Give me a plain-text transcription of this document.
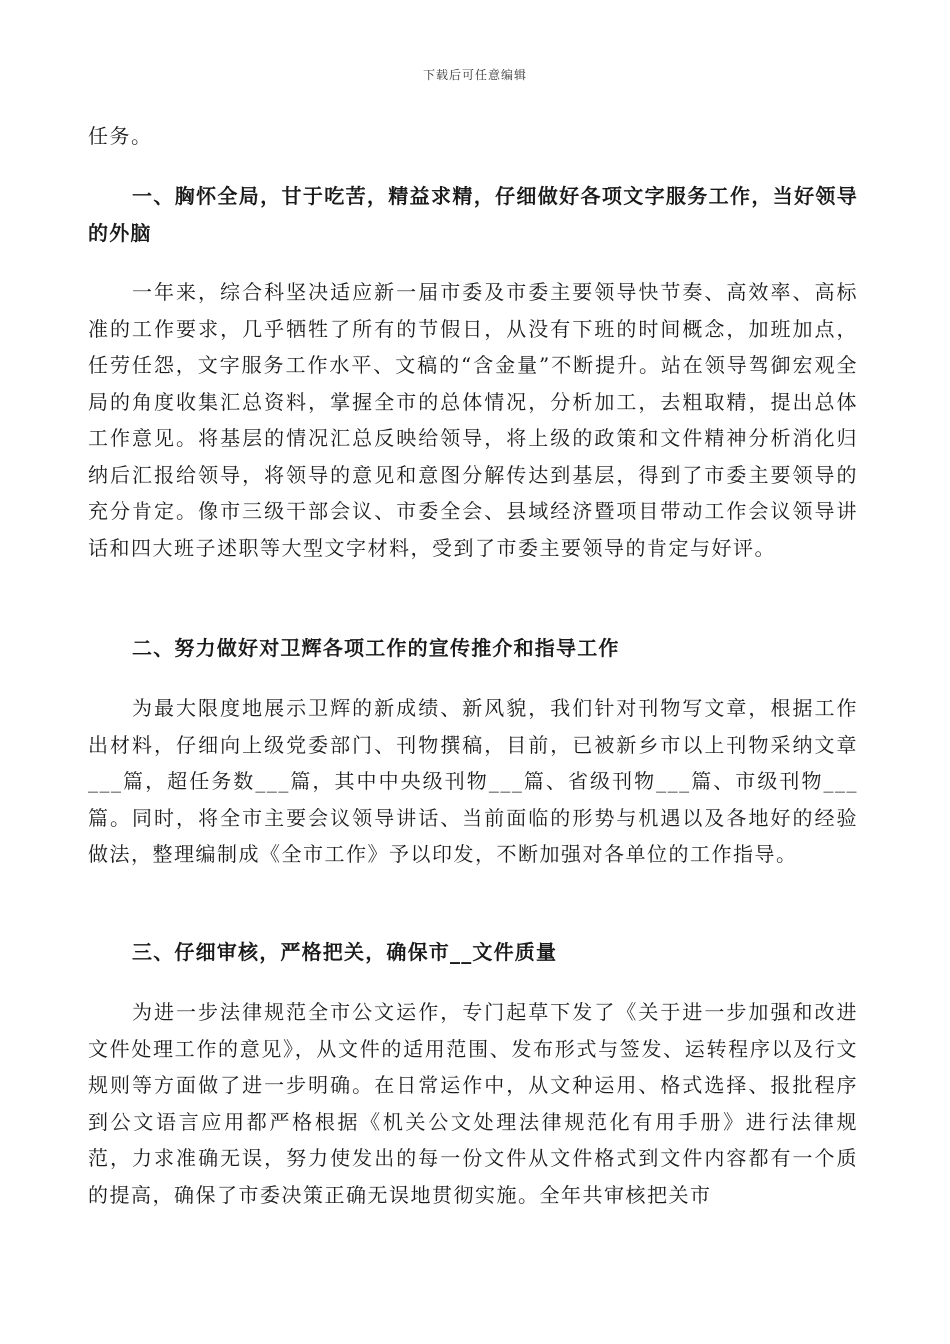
下载后可任意编辑

任务。

一、胸怀全局，甘于吃苦，精益求精，仔细做好各项文字服务工作，当好领导的外脑

一年来，综合科坚决适应新一届市委及市委主要领导快节奏、高效率、高标准的工作要求，几乎牺牲了所有的节假日，从没有下班的时间概念，加班加点，任劳任怨，文字服务工作水平、文稿的“含金量”不断提升。站在领导驾御宏观全局的角度收集汇总资料，掌握全市的总体情况，分析加工，去粗取精，提出总体工作意见。将基层的情况汇总反映给领导，将上级的政策和文件精神分析消化归纳后汇报给领导，将领导的意见和意图分解传达到基层，得到了市委主要领导的充分肯定。像市三级干部会议、市委全会、县域经济暨项目带动工作会议领导讲话和四大班子述职等大型文字材料，受到了市委主要领导的肯定与好评。

二、努力做好对卫辉各项工作的宣传推介和指导工作

为最大限度地展示卫辉的新成绩、新风貌，我们针对刊物写文章，根据工作出材料，仔细向上级党委部门、刊物撰稿，目前，已被新乡市以上刊物采纳文章___篇，超任务数___篇，其中中央级刊物___篇、省级刊物___篇、市级刊物___篇。同时，将全市主要会议领导讲话、当前面临的形势与机遇以及各地好的经验做法，整理编制成《全市工作》予以印发，不断加强对各单位的工作指导。

三、仔细审核，严格把关，确保市__文件质量

为进一步法律规范全市公文运作，专门起草下发了《关于进一步加强和改进文件处理工作的意见》，从文件的适用范围、发布形式与签发、运转程序以及行文规则等方面做了进一步明确。在日常运作中，从文种运用、格式选择、报批程序到公文语言应用都严格根据《机关公文处理法律规范化有用手册》进行法律规范，力求准确无误，努力使发出的每一份文件从文件格式到文件内容都有一个质的提高，确保了市委决策正确无误地贯彻实施。全年共审核把关市
